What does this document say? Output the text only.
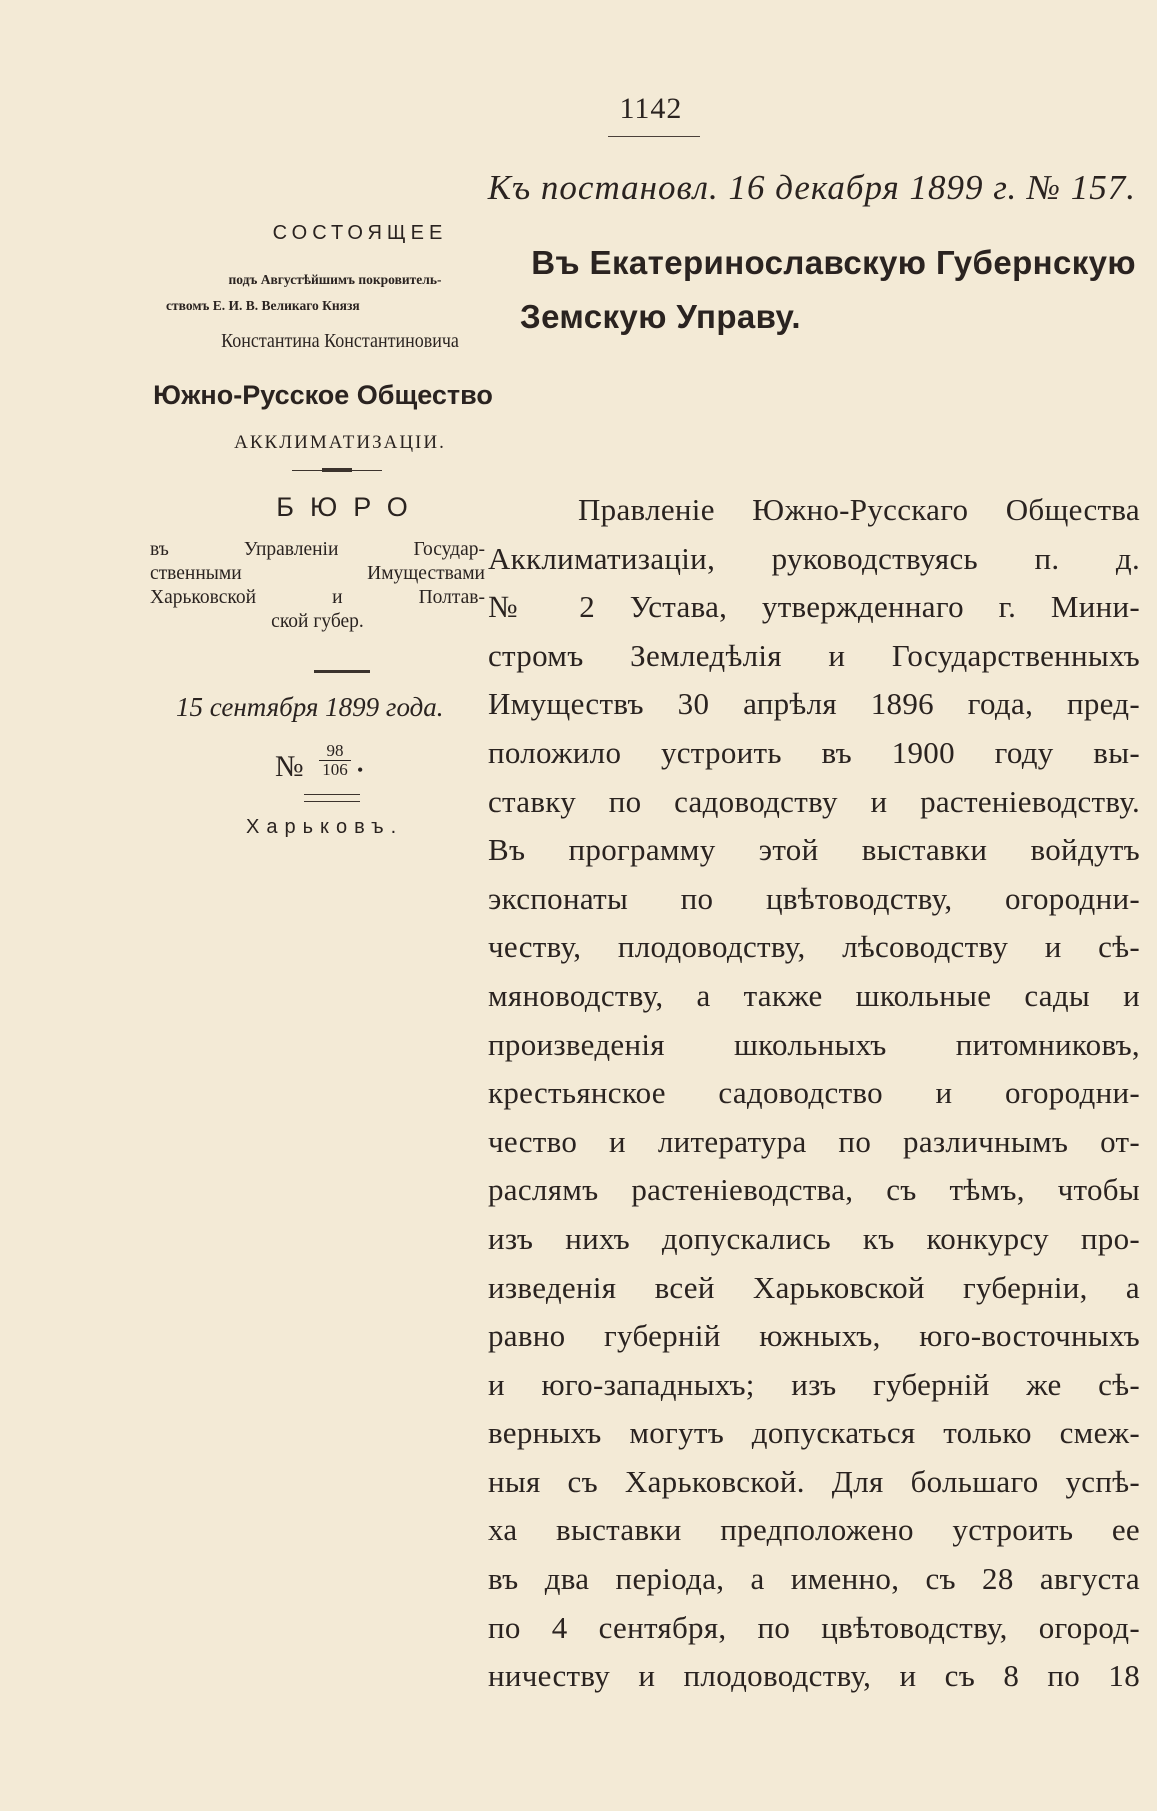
1142
Къ постановл. 16 декабря 1899 г. № 157.
Въ Екатеринославскую Губернскую
Земскую Управу.
СОСТОЯЩЕЕ
подъ Августѣйшимъ покровитель-
ствомъ Е. И. В. Великаго Князя
Константина Константиновича
Южно-Русское Общество
АККЛИМАТИЗАЦІИ.
БЮРО
въ Управленіи Государ-
ственными Имуществами
Харьковской и Полтав-
ской губер.
15 сентября 1899 года.
№	98
106 •
Харьковъ.
Правленіе Южно-Русскаго Общества
Акклиматизаціи, руководствуясь п. д.
№ 2 Устава, утвержденнаго г. Мини-
стромъ Земледѣлія и Государственныхъ
Имуществъ 30 апрѣля 1896 года, пред-
положило устроить въ 1900 году вы-
ставку по садоводству и растеніеводству.
Въ программу этой выставки войдутъ
экспонаты по цвѣтоводству, огородни-
честву, плодоводству, лѣсоводству и сѣ-
мяноводству, а также школьные сады и
произведенія школьныхъ питомниковъ,
крестьянское садоводство и огородни-
чество и литература по различнымъ от-
раслямъ растеніеводства, съ тѣмъ, чтобы
изъ нихъ допускались къ конкурсу про-
изведенія всей Харьковской губерніи, а
равно губерній южныхъ, юго-восточныхъ
и юго-западныхъ; изъ губерній же сѣ-
верныхъ могутъ допускаться только смеж-
ныя съ Харьковской. Для большаго успѣ-
ха выставки предположено устроить ее
въ два періода, а именно, съ 28 августа
по 4 сентября, по цвѣтоводству, огород-
ничеству и плодоводству, и съ 8 по 18
